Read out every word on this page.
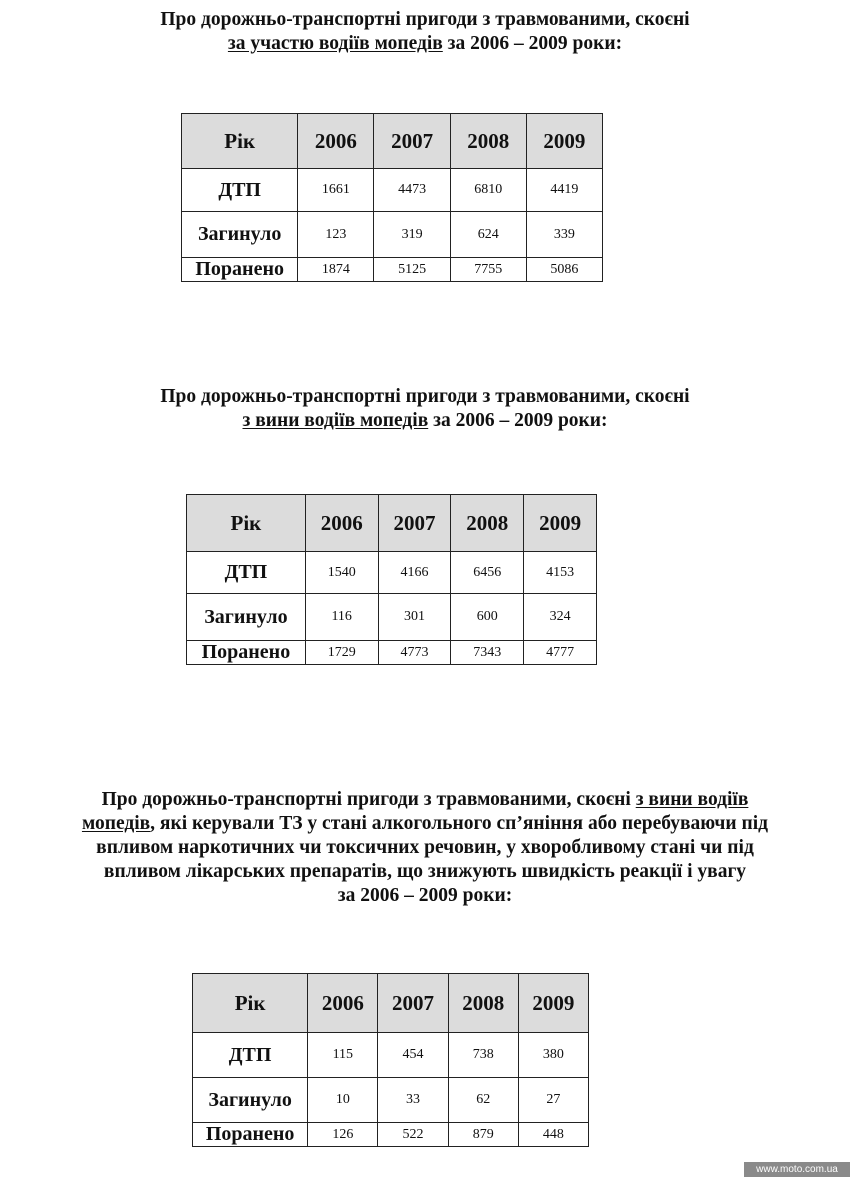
Про дорожньо-транспортні пригоди з травмованими, скоєні
за участю водіїв мопедів за 2006 – 2009 роки:
Рік	2006	2007	2008	2009
ДТП	1661	4473	6810	4419
Загинуло	123	319	624	339
Поранено	1874	5125	7755	5086
Про дорожньо-транспортні пригоди з травмованими, скоєні
з вини водіїв мопедів за 2006 – 2009 роки:
Рік	2006	2007	2008	2009
ДТП	1540	4166	6456	4153
Загинуло	116	301	600	324
Поранено	1729	4773	7343	4777
Про дорожньо-транспортні пригоди з травмованими, скоєні з вини водіїв
мопедів, які керували ТЗ у стані алкогольного сп’яніння або перебуваючи під
впливом наркотичних чи токсичних речовин, у хворобливому стані чи під
впливом лікарських препаратів, що знижують швидкість реакції і увагу
за 2006 – 2009 роки:
Рік	2006	2007	2008	2009
ДТП	115	454	738	380
Загинуло	10	33	62	27
Поранено	126	522	879	448
www.moto.com.ua
